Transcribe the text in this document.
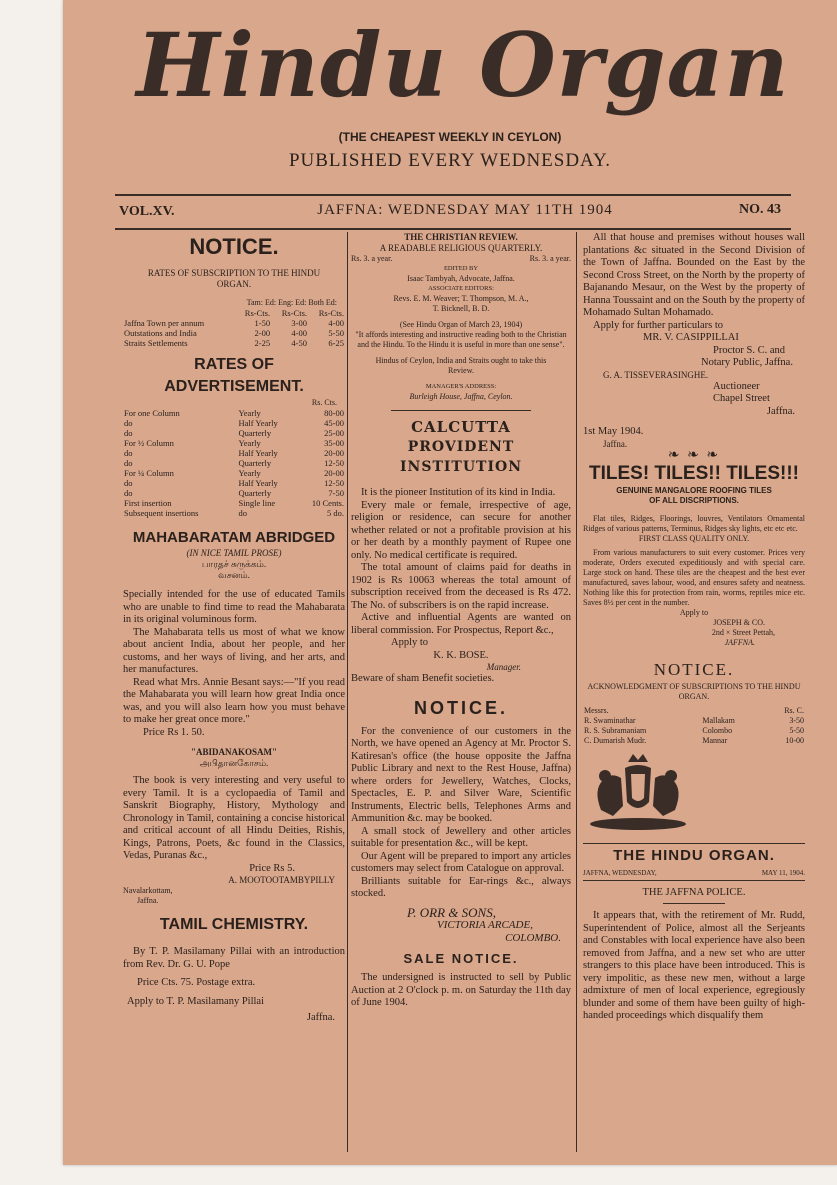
Hindu Organ
(THE CHEAPEST WEEKLY IN CEYLON)
PUBLISHED EVERY WEDNESDAY.
VOL.XV.	JAFFNA: WEDNESDAY MAY 11TH 1904	NO. 43
NOTICE.

RATES OF SUBSCRIPTION TO THE HINDU ORGAN.

Tam: Ed: Eng: Ed: Both Ed:

	Rs-Cts.	Rs-Cts.	Rs-Cts.
Jaffna Town per annum	1-50	3-00	4-00
Outstations and India	2-00	4-00	5-50
Straits Settlements	2-25	4-50	6-25
RATES OF ADVERTISEMENT.

Rs. Cts.

For one Column	Yearly	80-00
do	Half Yearly	45-00
do	Quarterly	25-00
For ½ Column	Yearly	35-00
do	Half Yearly	20-00
do	Quarterly	12-50
For ¼ Column	Yearly	20-00
do	Half Yearly	12-50
do	Quarterly	7-50
First insertion	Single line	10 Cents.
Subsequent insertions	do	5 do.
MAHABARATAM ABRIDGED

(IN NICE TAMIL PROSE)

பாரதச் சுருக்கம்.

வசனம்.

Specially intended for the use of educated Tamils who are unable to find time to read the Mahabarata in its original voluminous form.

The Mahabarata tells us most of what we know about ancient India, about her people, and her customs, and her ways of living, and her arts, and her manufactures.

Read what Mrs. Annie Besant says:—"If you read the Mahabarata you will learn how great India once was, and you will also learn how you must behave to make her great once more."

Price Rs 1. 50.

"ABIDANAKOSAM"

அபிதானகோசம்.

The book is very interesting and very useful to every Tamil. It is a cyclopaedia of Tamil and Sanskrit Biography, History, Mythology and Chronology in Tamil, containing a concise historical and critical account of all Hindu Deities, Rishis, Kings, Patrons, Poets, &c found in the Classics, Vedas, Puranas &c.,

Price Rs 5.

A. MOOTOOTAMBYPILLY

Navalarkottam,

Jaffna.

TAMIL CHEMISTRY.

By T. P. Masilamany Pillai with an introduction from Rev. Dr. G. U. Pope

Price Cts. 75. Postage extra.

Apply to T. P. Masilamany Pillai

Jaffna.

THE CHRISTIAN REVIEW.

A READABLE RELIGIOUS QUARTERLY.

Rs. 3. a year.	Rs. 3. a year.

EDITED BY

Isaac Tambyah, Advocate, Jaffna.

ASSOCIATE EDITORS:

Revs. E. M. Weaver; T. Thompson, M. A.,

T. Bicknell, B. D.

(See Hindu Organ of March 23, 1904)

"It affords interesting and instructive reading both to the Christian and the Hindu. To the Hindu it is useful in more than one sense".

Hindus of Ceylon, India and Straits ought to take this Review.

MANAGER'S ADDRESS:

Burleigh House, Jaffna, Ceylon.

CALCUTTA
PROVIDENT INSTITUTION

It is the pioneer Institution of its kind in India.

Every male or female, irrespective of age, religion or residence, can secure for another whether related or not a profitable provision at his or her death by a monthly payment of Rupee one only. No medical certificate is required.

The total amount of claims paid for deaths in 1902 is Rs 10063 whereas the total amount of subscription received from the deceased is Rs 472. The No. of subscribers is on the rapid increase.

Active and influential Agents are wanted on liberal commission. For Prospectus, Report &c.,

Apply to

K. K. BOSE.

Manager.

Beware of sham Benefit societies.

NOTICE.

For the convenience of our customers in the North, we have opened an Agency at Mr. Proctor S. Katiresan's office (the house opposite the Jaffna Public Library and next to the Rest House, Jaffna) where orders for Jewellery, Watches, Clocks, Spectacles, E. P. and Silver Ware, Scientific Instruments, Electric bells, Telephones Arms and Ammunition &c. may be booked.

A small stock of Jewellery and other articles suitable for presentation &c., will be kept.

Our Agent will be prepared to import any articles customers may select from Catalogue on approval.

Brilliants suitable for Ear-rings &c., always stocked.

P. ORR & SONS,

VICTORIA ARCADE,

COLOMBO.

SALE NOTICE.

The undersigned is instructed to sell by Public Auction at 2 O'clock p. m. on Saturday the 11th day of June 1904.

All that house and premises without houses wall plantations &c situated in the Second Division of the Town of Jaffna. Bounded on the East by the Second Cross Street, on the North by the property of Bajanando Mesaur, on the West by the property of Hanna Toussaint and on the South by the property of Mohamado Sultan Mohamado.

Apply for further particulars to

MR. V. CASIPPILLAI

Proctor S. C. and

Notary Public, Jaffna.

G. A. TISSEVERASINGHE.

Auctioneer

Chapel Street

Jaffna.

1st May 1904.

Jaffna.

❧ ❧ ❧
TILES! TILES!! TILES!!!

GENUINE MANGALORE ROOFING TILES

OF ALL DISCRIPTIONS.

Flat tiles, Ridges, Floorings, louvres, Ventilators Ornamental Ridges of various patterns, Terminus, Ridges sky lights, etc etc etc.

FIRST CLASS QUALITY ONLY.

From various manufacturers to suit every customer. Prices very moderate, Orders executed expeditiously and with special care. Large stock on hand. These tiles are the cheapest and the best ever manufactured, saves labour, wood, and ensures safety and neatness. Nothing like this for protection from rain, worms, reptiles mice etc. Saves 8½ per cent in the number.

Apply to

JOSEPH & CO.

2nd × Street Pettah,

JAFFNA.

NOTICE.

ACKNOWLEDGMENT OF SUBSCRIPTIONS TO THE HINDU ORGAN.

Messrs.		Rs. C.
R. Swaminathar	Mallakam	3-50
R. S. Subramaniam	Colombo	5-50
C. Dumarish Mudr.	Mannar	10-00
THE HINDU ORGAN.

JAFFNA, WEDNESDAY,	MAY 11, 1904.

THE JAFFNA POLICE.

It appears that, with the retirement of Mr. Rudd, Superintendent of Police, almost all the Serjeants and Constables with local experience have also been removed from Jaffna, and a new set who are utter strangers to this place have been introduced. This is very impolitic, as these new men, without a large admixture of men of local experience, egregiously blunder and some of them have been guilty of high-handed proceedings which disqualify them
